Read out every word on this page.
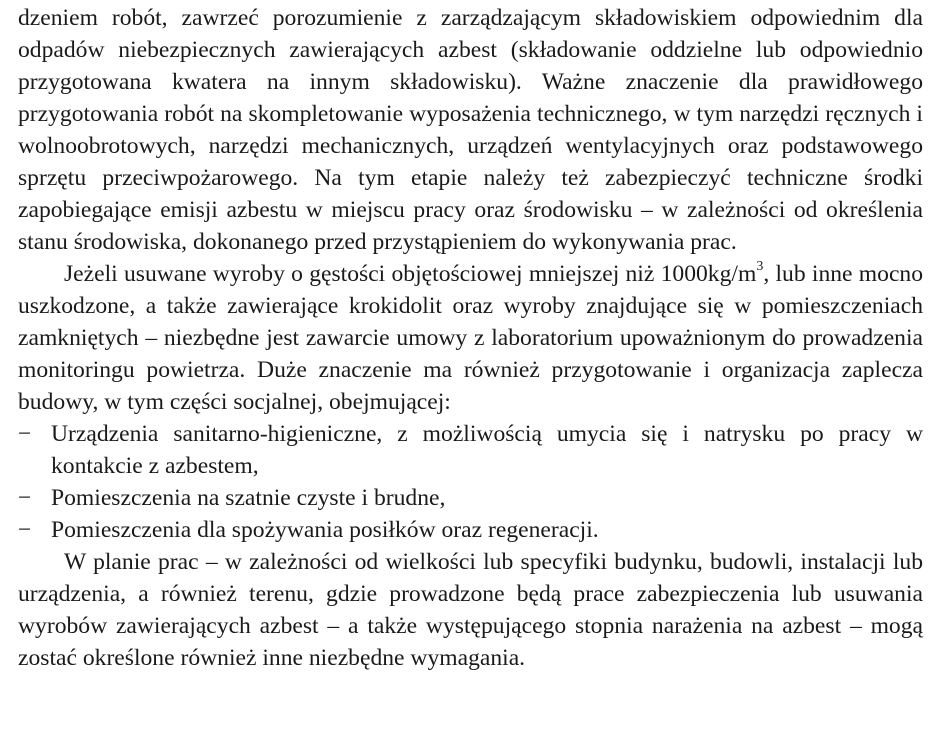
dzeniem robót, zawrzeć porozumienie z zarządzającym składowiskiem odpowiednim dla odpadów niebezpiecznych zawierających azbest (składowanie oddzielne lub odpowiednio przygotowana kwatera na innym składowisku). Ważne znaczenie dla prawidłowego przygotowania robót na skompletowanie wyposażenia technicznego, w tym narzędzi ręcznych i wolnoobrotowych, narzędzi mechanicznych, urządzeń wentylacyjnych oraz podstawowego sprzętu przeciwpożarowego. Na tym etapie należy też zabezpieczyć techniczne środki zapobiegające emisji azbestu w miejscu pracy oraz środowisku – w zależności od określenia stanu środowiska, dokonanego przed przystąpieniem do wykonywania prac.

Jeżeli usuwane wyroby o gęstości objętościowej mniejszej niż $1000kg/m^3$, lub inne mocno uszkodzone, a także zawierające krokidolit oraz wyroby znajdujące się w pomieszczeniach zamkniętych – niezbędne jest zawarcie umowy z laboratorium upoważnionym do prowadzenia monitoringu powietrza. Duże znaczenie ma również przygotowanie i organizacja zaplecza budowy, w tym części socjalnej, obejmującej:

− Urządzenia sanitarno-higieniczne, z możliwością umycia się i natrysku po pracy w kontakcie z azbestem,
− Pomieszczenia na szatnie czyste i brudne,
− Pomieszczenia dla spożywania posiłków oraz regeneracji.

W planie prac – w zależności od wielkości lub specyfiki budynku, budowli, instalacji lub urządzenia, a również terenu, gdzie prowadzone będą prace zabezpieczenia lub usuwania wyrobów zawierających azbest – a także występującego stopnia narażenia na azbest – mogą zostać określone również inne niezbędne wymagania.
